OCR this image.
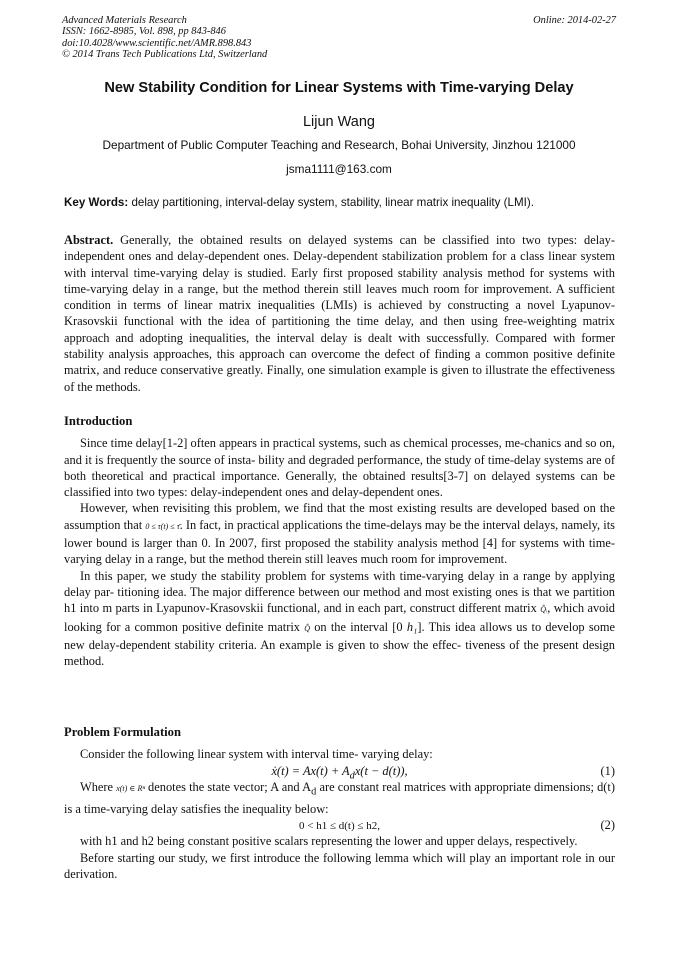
Advanced Materials Research
ISSN: 1662-8985, Vol. 898, pp 843-846
doi:10.4028/www.scientific.net/AMR.898.843
© 2014 Trans Tech Publications Ltd, Switzerland
Online: 2014-02-27
New Stability Condition for Linear Systems with Time-varying Delay
Lijun Wang
Department of Public Computer Teaching and Research, Bohai University, Jinzhou 121000
jsma1111@163.com
Key Words: delay partitioning, interval-delay system, stability, linear matrix inequality (LMI).

Abstract. Generally, the obtained results on delayed systems can be classified into two types: delay-independent ones and delay-dependent ones. Delay-dependent stabilization problem for a class linear system with interval time-varying delay is studied. Early first proposed stability analysis method for systems with time-varying delay in a range, but the method therein still leaves much room for improvement. A sufficient condition in terms of linear matrix inequalities (LMIs) is achieved by constructing a novel Lyapunov-Krasovskii functional with the idea of partitioning the time delay, and then using free-weighting matrix approach and adopting inequalities, the interval delay is dealt with successfully. Compared with former stability analysis approaches, this approach can overcome the defect of finding a common positive definite matrix, and reduce conservative greatly. Finally, one simulation example is given to illustrate the effectiveness of the methods.

Introduction

Since time delay[1-2] often appears in practical systems, such as chemical processes, me-chanics and so on, and it is frequently the source of insta- bility and degraded performance, the study of time-delay systems are of both theoretical and practical importance. Generally, the obtained results[3-7] on delayed systems can be classified into two types: delay-independent ones and delay-dependent ones.

However, when revisiting this problem, we find that the most existing results are developed based on the assumption that 0 ≤ τ(t) ≤ τ̄. In fact, in practical applications the time-delays may be the interval delays, namely, its lower bound is larger than 0. In 2007, first proposed the stability analysis method [4] for systems with time-varying delay in a range, but the method therein still leaves much room for improvement.

In this paper, we study the stability problem for systems with time-varying delay in a range by applying delay par- titioning idea. The major difference between our method and most existing ones is that we partition h1 into m parts in Lyapunov-Krasovskii functional, and in each part, construct different matrix Q̂ᵢ, which avoid looking for a common positive definite matrix Q̂ on the interval [0 h₁]. This idea allows us to develop some new delay-dependent stability criteria. An example is given to show the effec- tiveness of the present design method.

Problem Formulation

Consider the following linear system with interval time- varying delay:

ẋ(t) = $Ax(t) + A_dx(t - d(t))$,	(1)

Where x(t) ∈ Rⁿ denotes the state vector; A and $A_d$ are constant real matrices with appropriate dimensions; d(t) is a time-varying delay satisfies the inequality below:

0 < h1 ≤ d(t) ≤ h2,	(2)

with h1 and h2 being constant positive scalars representing the lower and upper delays, respectively.

Before starting our study, we first introduce the following lemma which will play an important role in our derivation.
